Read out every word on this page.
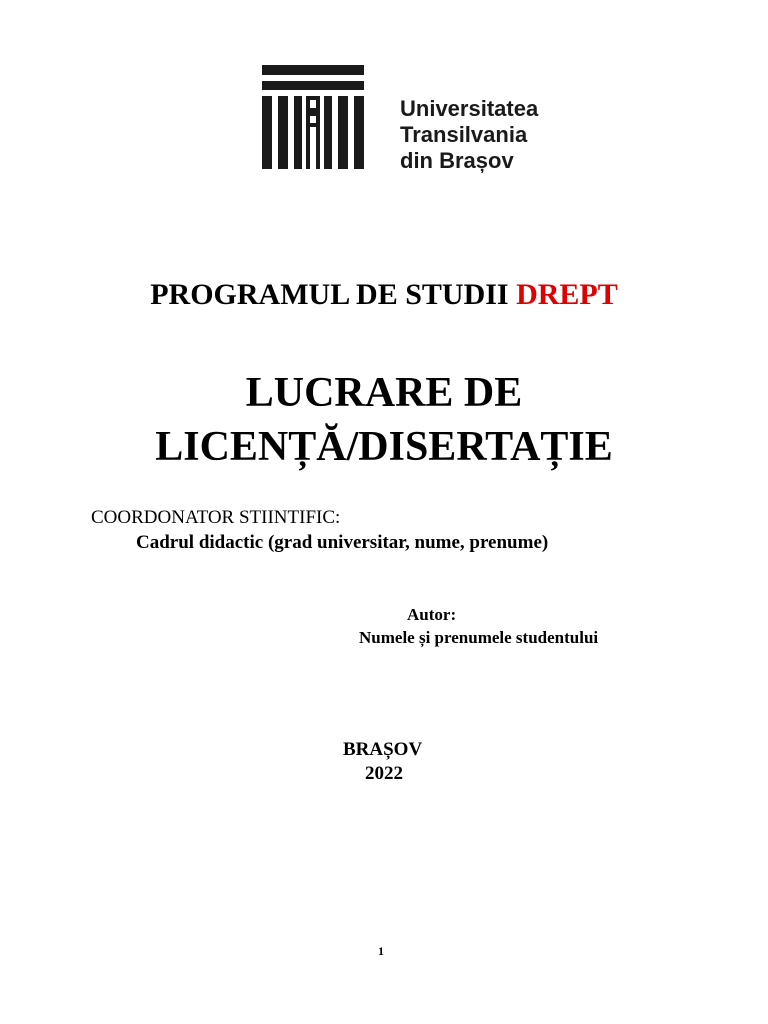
Universitatea
Transilvania
din Brașov
PROGRAMUL DE STUDII DREPT
LUCRARE DE
LICENȚĂ/DISERTAȚIE
COORDONATOR STIINTIFIC:
Cadrul didactic (grad universitar, nume, prenume)
Autor:
Numele și prenumele studentului
BRAȘOV
2022
1
